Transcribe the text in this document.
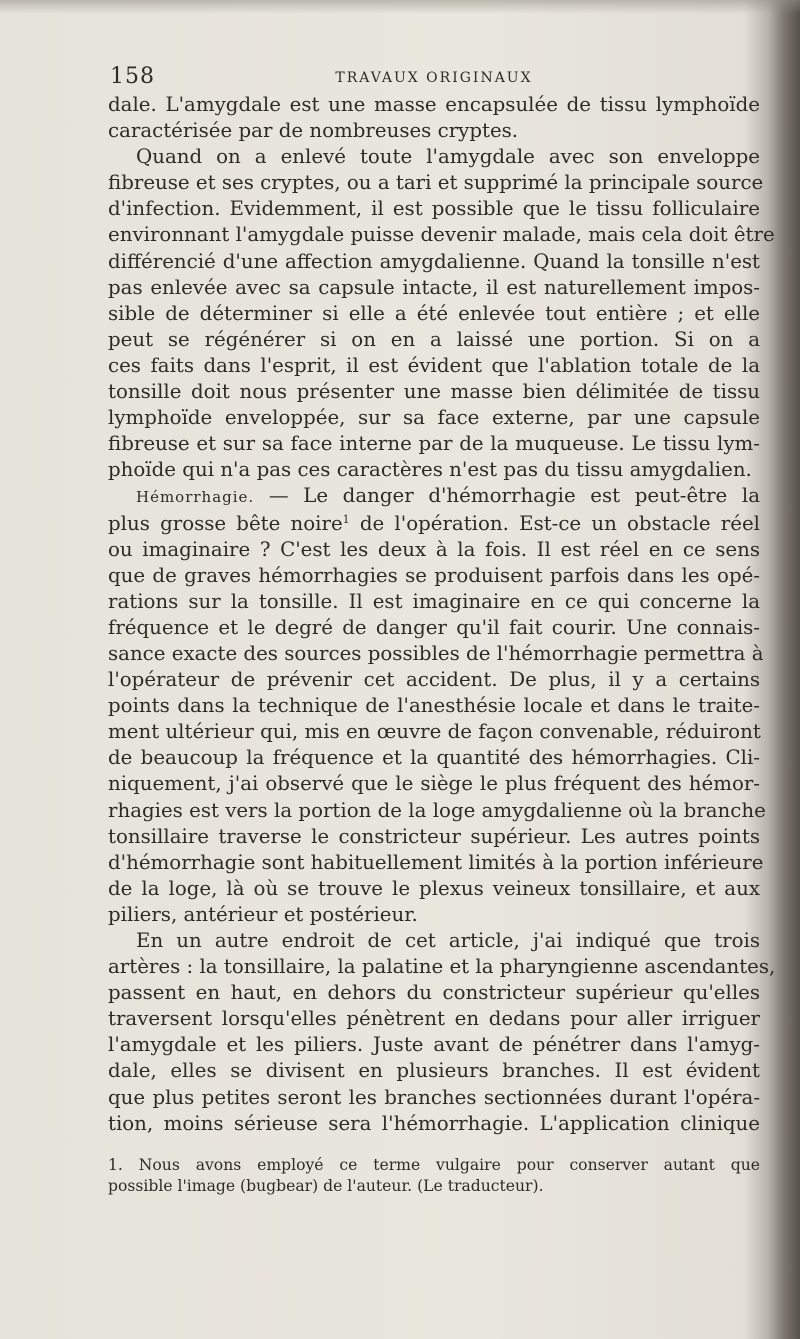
158	TRAVAUX ORIGINAUX
dale. L'amygdale est une masse encapsulée de tissu lymphoïde
caractérisée par de nombreuses cryptes.
Quand on a enlevé toute l'amygdale avec son enveloppe
fibreuse et ses cryptes, ou a tari et supprimé la principale source
d'infection. Evidemment, il est possible que le tissu folliculaire
environnant l'amygdale puisse devenir malade, mais cela doit être
différencié d'une affection amygdalienne. Quand la tonsille n'est
pas enlevée avec sa capsule intacte, il est naturellement impos-
sible de déterminer si elle a été enlevée tout entière ; et elle
peut se régénérer si on en a laissé une portion. Si on a
ces faits dans l'esprit, il est évident que l'ablation totale de la
tonsille doit nous présenter une masse bien délimitée de tissu
lymphoïde enveloppée, sur sa face externe, par une capsule
fibreuse et sur sa face interne par de la muqueuse. Le tissu lym-
phoïde qui n'a pas ces caractères n'est pas du tissu amygdalien.
Hémorrhagie. — Le danger d'hémorrhagie est peut-être la
plus grosse bête noire$^1$ de l'opération. Est-ce un obstacle réel
ou imaginaire ? C'est les deux à la fois. Il est réel en ce sens
que de graves hémorrhagies se produisent parfois dans les opé-
rations sur la tonsille. Il est imaginaire en ce qui concerne la
fréquence et le degré de danger qu'il fait courir. Une connais-
sance exacte des sources possibles de l'hémorrhagie permettra à
l'opérateur de prévenir cet accident. De plus, il y a certains
points dans la technique de l'anesthésie locale et dans le traite-
ment ultérieur qui, mis en œuvre de façon convenable, réduiront
de beaucoup la fréquence et la quantité des hémorrhagies. Cli-
niquement, j'ai observé que le siège le plus fréquent des hémor-
rhagies est vers la portion de la loge amygdalienne où la branche
tonsillaire traverse le constricteur supérieur. Les autres points
d'hémorrhagie sont habituellement limités à la portion inférieure
de la loge, là où se trouve le plexus veineux tonsillaire, et aux
piliers, antérieur et postérieur.
En un autre endroit de cet article, j'ai indiqué que trois
artères : la tonsillaire, la palatine et la pharyngienne ascendantes,
passent en haut, en dehors du constricteur supérieur qu'elles
traversent lorsqu'elles pénètrent en dedans pour aller irriguer
l'amygdale et les piliers. Juste avant de pénétrer dans l'amyg-
dale, elles se divisent en plusieurs branches. Il est évident
que plus petites seront les branches sectionnées durant l'opéra-
tion, moins sérieuse sera l'hémorrhagie. L'application clinique
1. Nous avons employé ce terme vulgaire pour conserver autant que
possible l'image (bugbear) de l'auteur. (Le traducteur).
